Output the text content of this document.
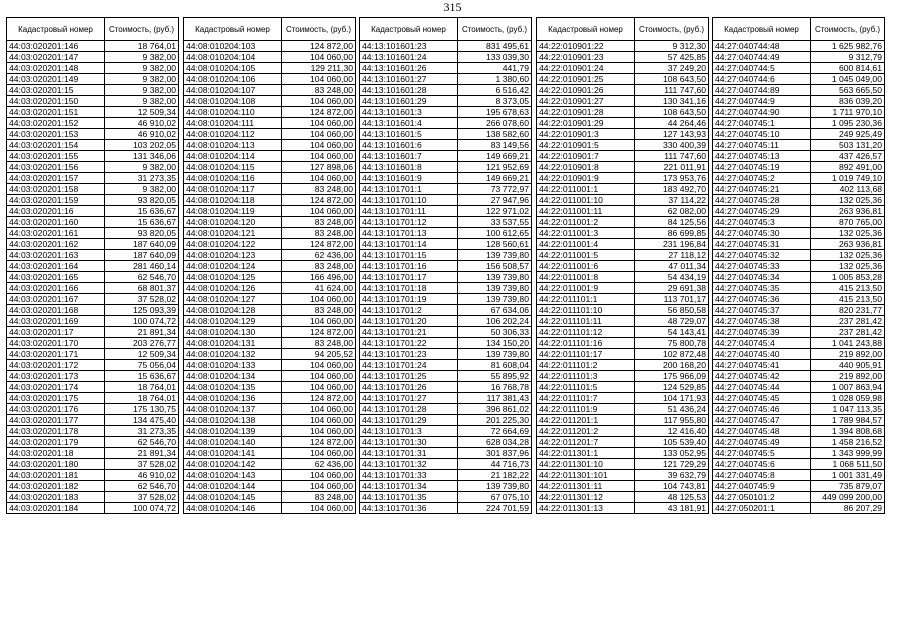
315
Кадастровый номер	Стоимость, (руб.)
44:03:020201:146	18 764,01
44:03:020201:147	9 382,00
44:03:020201:148	9 382,00
44:03:020201:149	9 382,00
44:03:020201:15	9 382,00
44:03:020201:150	9 382,00
44:03:020201:151	12 509,34
44:03:020201:152	46 910,02
44:03:020201:153	46 910,02
44:03:020201:154	103 202,05
44:03:020201:155	131 346,06
44:03:020201:156	9 382,00
44:03:020201:157	31 273,35
44:03:020201:158	9 382,00
44:03:020201:159	93 820,05
44:03:020201:16	15 636,67
44:03:020201:160	15 636,67
44:03:020201:161	93 820,05
44:03:020201:162	187 640,09
44:03:020201:163	187 640,09
44:03:020201:164	281 460,14
44:03:020201:165	62 546,70
44:03:020201:166	68 801,37
44:03:020201:167	37 528,02
44:03:020201:168	125 093,39
44:03:020201:169	100 074,72
44:03:020201:17	21 891,34
44:03:020201:170	203 276,77
44:03:020201:171	12 509,34
44:03:020201:172	75 056,04
44:03:020201:173	15 636,67
44:03:020201:174	18 764,01
44:03:020201:175	18 764,01
44:03:020201:176	175 130,75
44:03:020201:177	134 475,40
44:03:020201:178	31 273,35
44:03:020201:179	62 546,70
44:03:020201:18	21 891,34
44:03:020201:180	37 528,02
44:03:020201:181	46 910,02
44:03:020201:182	62 546,70
44:03:020201:183	37 528,02
44:03:020201:184	100 074,72
Кадастровый номер	Стоимость, (руб.)
44:08:010204:103	124 872,00
44:08:010204:104	104 060,00
44:08:010204:105	129 211,30
44:08:010204:106	104 060,00
44:08:010204:107	83 248,00
44:08:010204:108	104 060,00
44:08:010204:110	124 872,00
44:08:010204:111	104 060,00
44:08:010204:112	104 060,00
44:08:010204:113	104 060,00
44:08:010204:114	104 060,00
44:08:010204:115	127 898,06
44:08:010204:116	104 060,00
44:08:010204:117	83 248,00
44:08:010204:118	124 872,00
44:08:010204:119	104 060,00
44:08:010204:120	83 248,00
44:08:010204:121	83 248,00
44:08:010204:122	124 872,00
44:08:010204:123	62 436,00
44:08:010204:124	83 248,00
44:08:010204:125	166 496,00
44:08:010204:126	41 624,00
44:08:010204:127	104 060,00
44:08:010204:128	83 248,00
44:08:010204:129	104 060,00
44:08:010204:130	124 872,00
44:08:010204:131	83 248,00
44:08:010204:132	94 205,52
44:08:010204:133	104 060,00
44:08:010204:134	104 060,00
44:08:010204:135	104 060,00
44:08:010204:136	124 872,00
44:08:010204:137	104 060,00
44:08:010204:138	104 060,00
44:08:010204:139	104 060,00
44:08:010204:140	124 872,00
44:08:010204:141	104 060,00
44:08:010204:142	62 436,00
44:08:010204:143	104 060,00
44:08:010204:144	104 060,00
44:08:010204:145	83 248,00
44:08:010204:146	104 060,00
Кадастровый номер	Стоимость, (руб.)
44:13:101601:23	831 495,61
44:13:101601:24	133 039,30
44:13:101601:26	441,79
44:13:101601:27	1 380,60
44:13:101601:28	6 516,42
44:13:101601:29	8 373,05
44:13:101601:3	195 678,63
44:13:101601:4	266 078,60
44:13:101601:5	138 582,60
44:13:101601:6	83 149,56
44:13:101601:7	149 669,21
44:13:101601:8	121 952,69
44:13:101601:9	149 669,21
44:13:101701:1	73 772,97
44:13:101701:10	27 947,96
44:13:101701:11	122 971,02
44:13:101701:12	33 537,55
44:13:101701:13	100 612,65
44:13:101701:14	128 560,61
44:13:101701:15	139 739,80
44:13:101701:16	156 508,57
44:13:101701:17	139 739,80
44:13:101701:18	139 739,80
44:13:101701:19	139 739,80
44:13:101701:2	67 634,06
44:13:101701:20	106 202,24
44:13:101701:21	50 306,33
44:13:101701:22	134 150,20
44:13:101701:23	139 739,80
44:13:101701:24	81 608,04
44:13:101701:25	55 895,92
44:13:101701:26	16 768,78
44:13:101701:27	117 381,43
44:13:101701:28	396 861,02
44:13:101701:29	201 225,30
44:13:101701:3	72 664,69
44:13:101701:30	628 034,28
44:13:101701:31	301 837,96
44:13:101701:32	44 716,73
44:13:101701:33	21 182,22
44:13:101701:34	139 739,80
44:13:101701:35	67 075,10
44:13:101701:36	224 701,59
Кадастровый номер	Стоимость, (руб.)
44:22:010901:22	9 312,30
44:22:010901:23	57 425,85
44:22:010901:24	37 249,20
44:22:010901:25	108 643,50
44:22:010901:26	111 747,60
44:22:010901:27	130 341,16
44:22:010901:28	108 643,50
44:22:010901:29	44 264,46
44:22:010901:3	127 143,93
44:22:010901:5	330 400,39
44:22:010901:7	111 747,60
44:22:010901:8	221 011,91
44:22:010901:9	173 953,76
44:22:011001:1	183 492,70
44:22:011001:10	37 114,22
44:22:011001:11	62 082,00
44:22:011001:2	84 125,56
44:22:011001:3	86 699,85
44:22:011001:4	231 196,84
44:22:011001:5	27 118,12
44:22:011001:6	47 011,34
44:22:011001:8	54 434,19
44:22:011001:9	29 691,38
44:22:011101:1	113 701,17
44:22:011101:10	56 850,58
44:22:011101:11	48 729,07
44:22:011101:12	54 143,41
44:22:011101:16	75 800,78
44:22:011101:17	102 872,48
44:22:011101:2	200 168,20
44:22:011101:3	175 966,09
44:22:011101:5	124 529,85
44:22:011101:7	104 171,93
44:22:011101:9	51 436,24
44:22:011201:1	117 955,80
44:22:011201:2	12 416,40
44:22:011201:7	105 539,40
44:22:011301:1	133 052,95
44:22:011301:10	121 729,29
44:22:011301:101	39 632,79
44:22:011301:11	104 743,81
44:22:011301:12	48 125,53
44:22:011301:13	43 181,91
Кадастровый номер	Стоимость, (руб.)
44:27:040744:48	1 625 982,76
44:27:040744:49	9 312,79
44:27:040744:5	600 814,61
44:27:040744:6	1 045 049,00
44:27:040744:89	563 665,50
44:27:040744:9	836 039,20
44:27:040744:90	1 711 970,10
44:27:040745:1	1 095 230,36
44:27:040745:10	249 925,49
44:27:040745:11	503 131,20
44:27:040745:13	437 426,57
44:27:040745:19	892 491,00
44:27:040745:2	1 019 749,10
44:27:040745:21	402 113,68
44:27:040745:28	132 025,36
44:27:040745:29	263 936,81
44:27:040745:3	870 765,00
44:27:040745:30	132 025,36
44:27:040745:31	263 936,81
44:27:040745:32	132 025,36
44:27:040745:33	132 025,36
44:27:040745:34	1 005 853,28
44:27:040745:35	415 213,50
44:27:040745:36	415 213,50
44:27:040745:37	820 231,77
44:27:040745:38	237 281,42
44:27:040745:39	237 281,42
44:27:040745:4	1 041 243,88
44:27:040745:40	219 892,00
44:27:040745:41	440 905,91
44:27:040745:42	219 892,00
44:27:040745:44	1 007 863,94
44:27:040745:45	1 028 059,98
44:27:040745:46	1 047 113,35
44:27:040745:47	1 789 984,57
44:27:040745:48	1 394 808,68
44:27:040745:49	1 458 216,52
44:27:040745:5	1 343 999,99
44:27:040745:6	1 068 511,50
44:27:040745:8	1 001 331,49
44:27:040745:9	735 879,07
44:27:050101:2	449 099 200,00
44:27:050201:1	86 207,29
